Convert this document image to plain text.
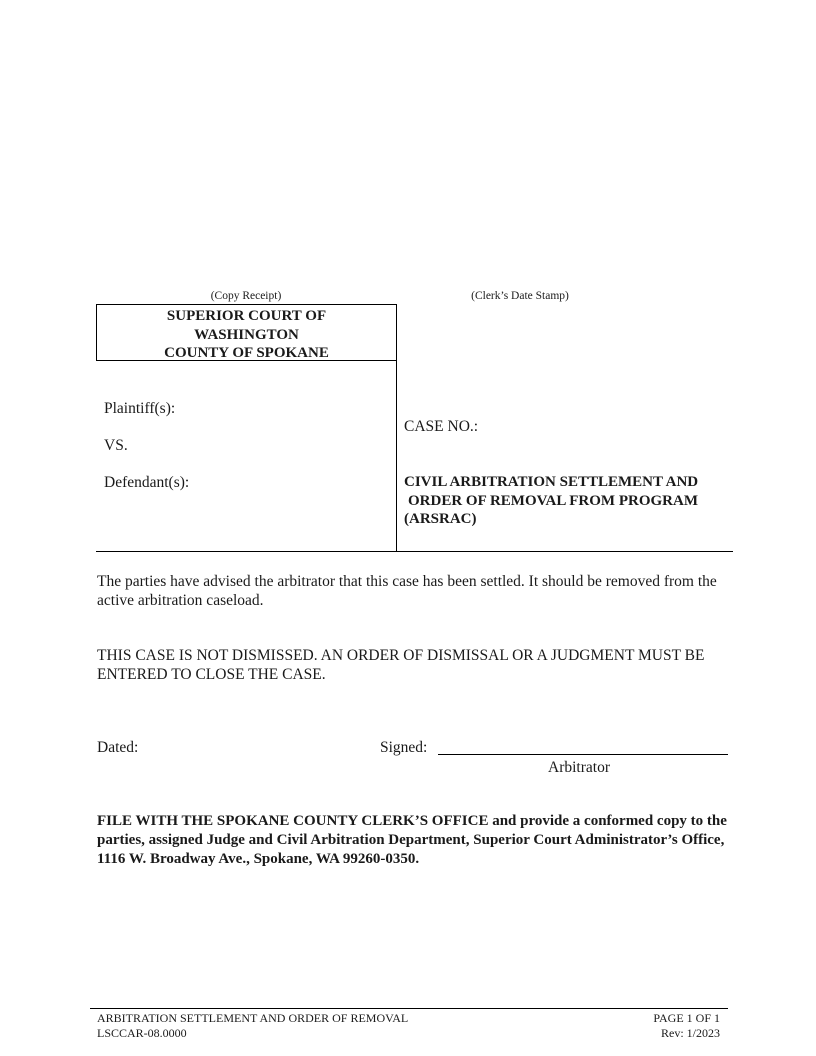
(Copy Receipt)	(Clerk’s Date Stamp)
SUPERIOR COURT OF
WASHINGTON
COUNTY OF SPOKANE
Plaintiff(s):
VS.
Defendant(s):
CASE NO.:
CIVIL ARBITRATION SETTLEMENT AND
ORDER OF REMOVAL FROM PROGRAM
(ARSRAC)
The parties have advised the arbitrator that this case has been settled. It should be removed from the active arbitration caseload.
THIS CASE IS NOT DISMISSED. AN ORDER OF DISMISSAL OR A JUDGMENT MUST BE ENTERED TO CLOSE THE CASE.
Dated:	Signed:
Arbitrator
FILE WITH THE SPOKANE COUNTY CLERK’S OFFICE and provide a conformed copy to the parties, assigned Judge and Civil Arbitration Department, Superior Court Administrator’s Office, 1116 W. Broadway Ave., Spokane, WA 99260-0350.
ARBITRATION SETTLEMENT AND ORDER OF REMOVAL
LSCCAR-08.0000
PAGE 1 OF 1
Rev: 1/2023
